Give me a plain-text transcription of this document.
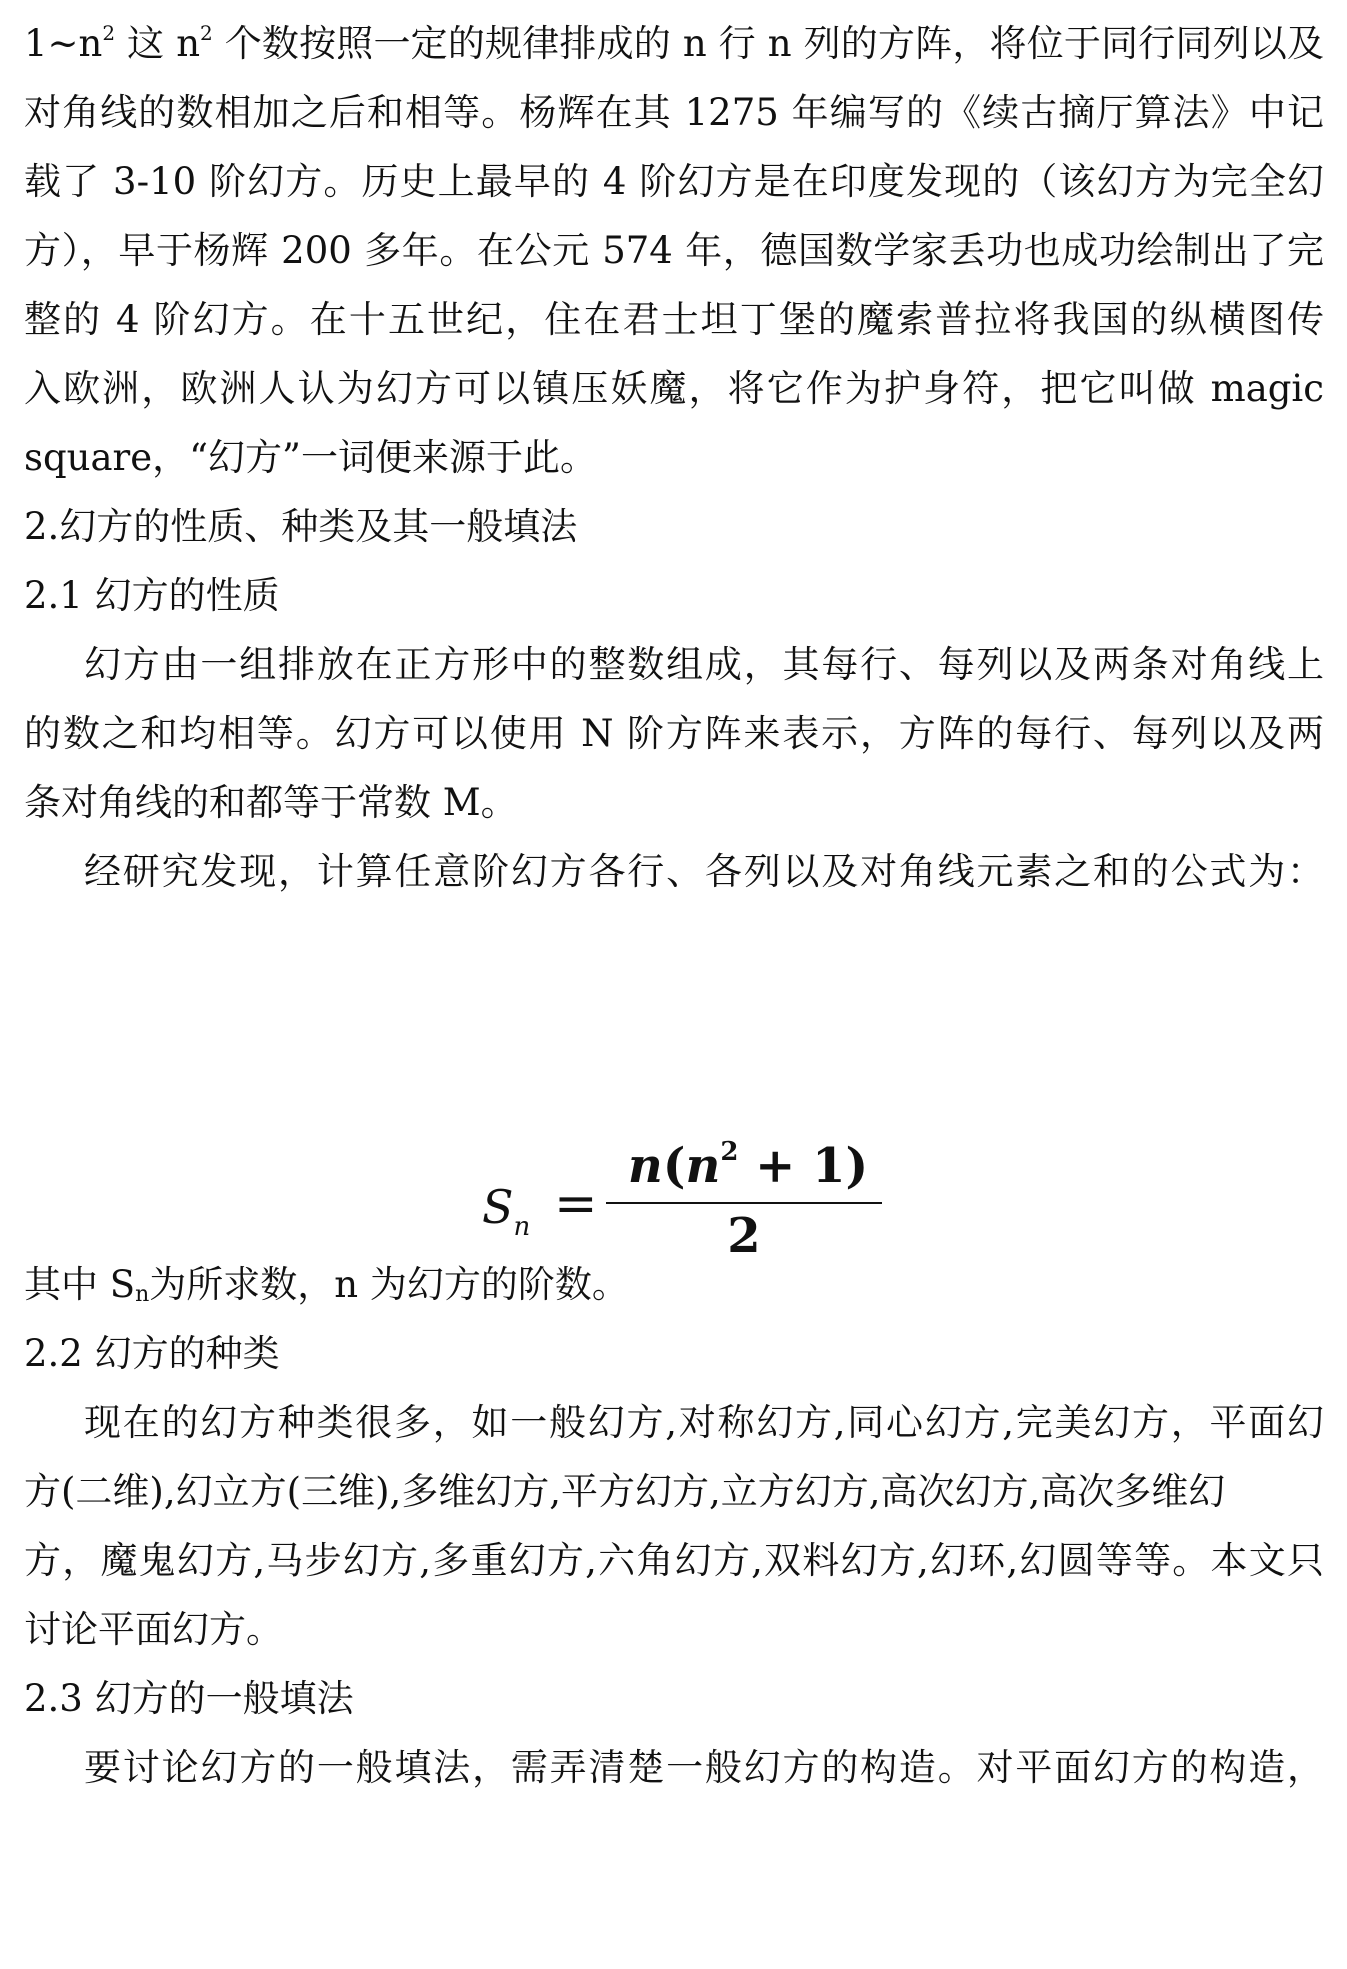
$1\sim n^2$ 这 $n^2$ 个数按照一定的规律排成的 n 行 n 列的方阵，将位于同行同列以及
对角线的数相加之后和相等。杨辉在其 1275 年编写的《续古摘厅算法》中记
载了 3-10 阶幻方。历史上最早的 4 阶幻方是在印度发现的（该幻方为完全幻
方），早于杨辉 200 多年。在公元 574 年，德国数学家丢功也成功绘制出了完
整的 4 阶幻方。在十五世纪，住在君士坦丁堡的魔索普拉将我国的纵横图传
入欧洲，欧洲人认为幻方可以镇压妖魔，将它作为护身符，把它叫做 magic
square，“幻方”一词便来源于此。
2.幻方的性质、种类及其一般填法
2.1 幻方的性质
幻方由一组排放在正方形中的整数组成，其每行、每列以及两条对角线上
的数之和均相等。幻方可以使用 N 阶方阵来表示，方阵的每行、每列以及两
条对角线的和都等于常数 M。
经研究发现，计算任意阶幻方各行、各列以及对角线元素之和的公式为：
$S_n$ =
$n(n^2 + 1)$
2
其中 $S_n$为所求数，n 为幻方的阶数。
2.2 幻方的种类
现在的幻方种类很多，如一般幻方,对称幻方,同心幻方,完美幻方，平面幻
方(二维),幻立方(三维),多维幻方,平方幻方,立方幻方,高次幻方,高次多维幻
方，魔鬼幻方,马步幻方,多重幻方,六角幻方,双料幻方,幻环,幻圆等等。本文只
讨论平面幻方。
2.3 幻方的一般填法
要讨论幻方的一般填法，需弄清楚一般幻方的构造。对平面幻方的构造，
